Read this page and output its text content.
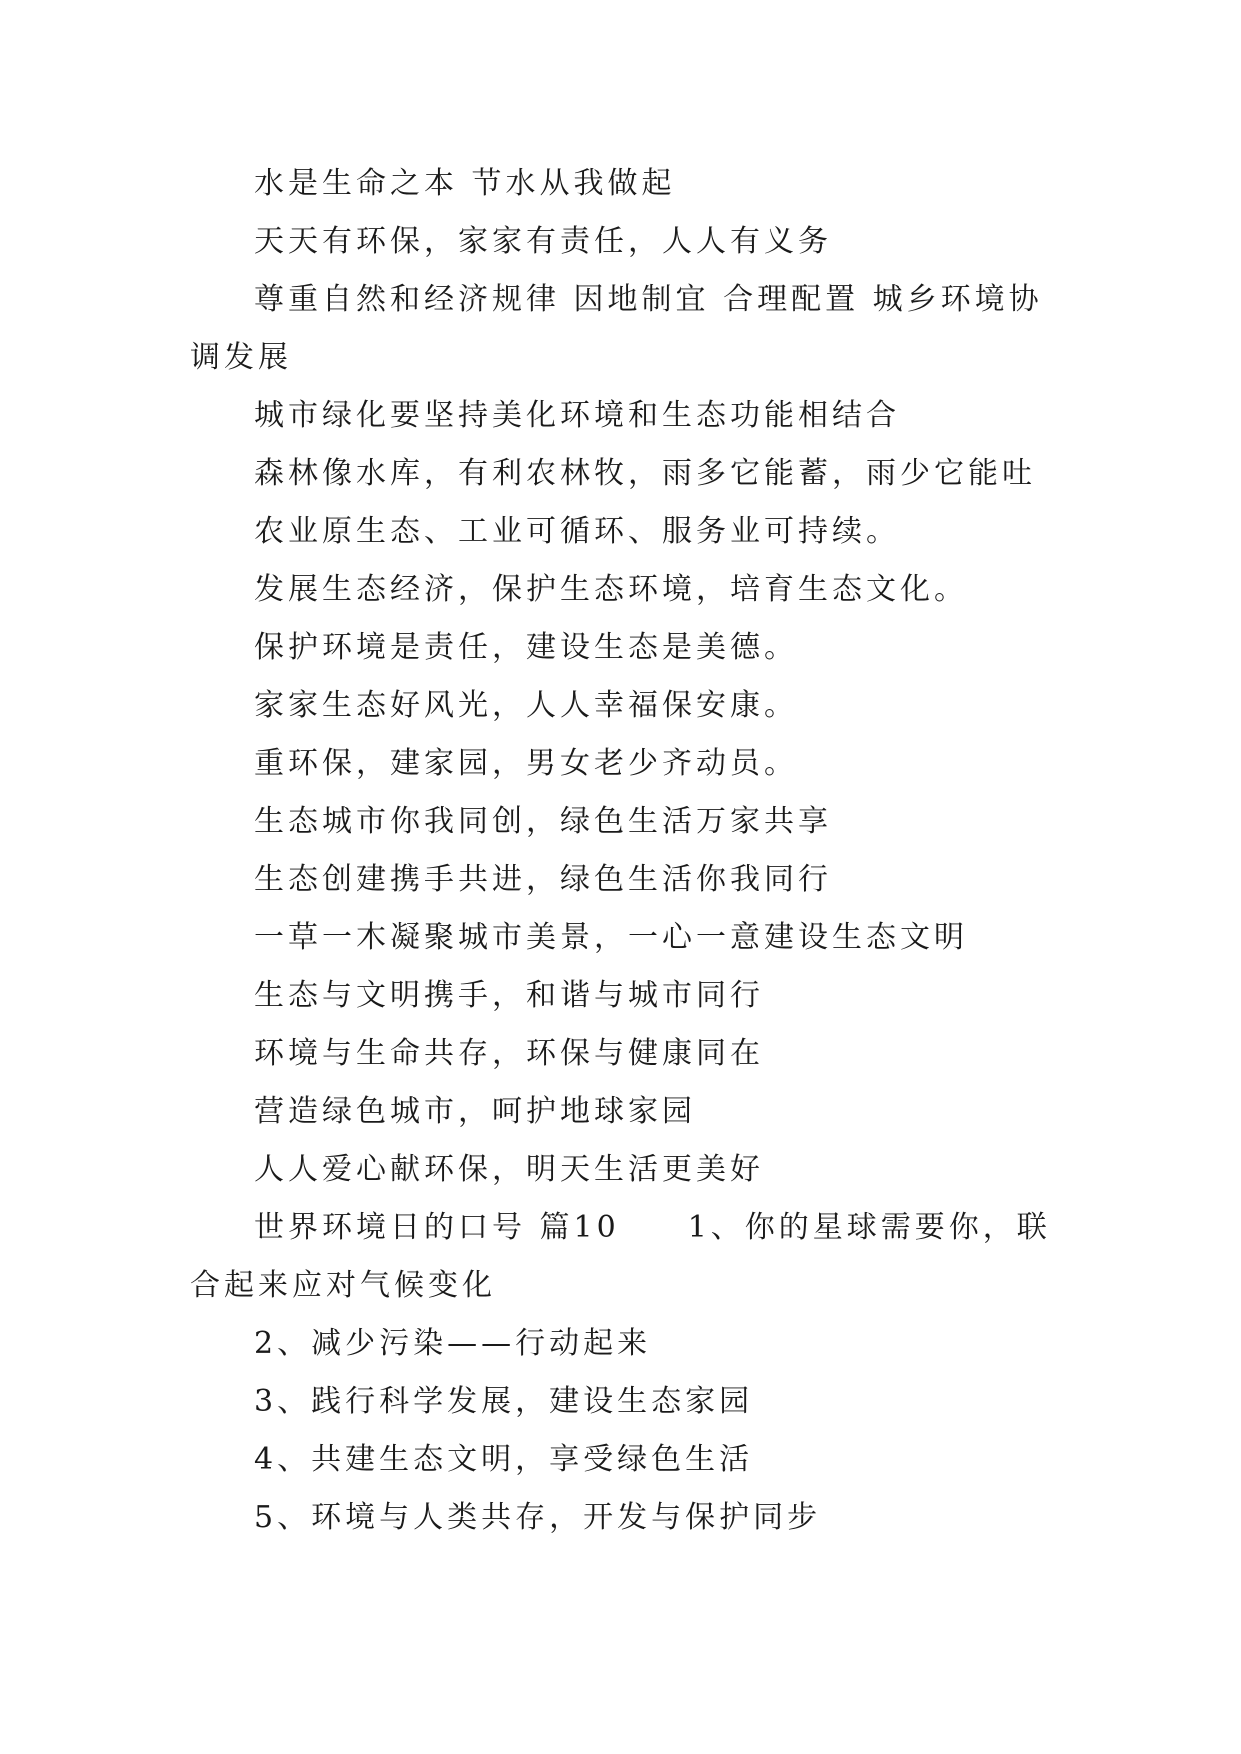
水是生命之本 节水从我做起

天天有环保，家家有责任，人人有义务

尊重自然和经济规律 因地制宜 合理配置 城乡环境协调发展

城市绿化要坚持美化环境和生态功能相结合

森林像水库，有利农林牧，雨多它能蓄，雨少它能吐

农业原生态、工业可循环、服务业可持续。

发展生态经济，保护生态环境，培育生态文化。

保护环境是责任，建设生态是美德。

家家生态好风光，人人幸福保安康。

重环保，建家园，男女老少齐动员。

生态城市你我同创，绿色生活万家共享

生态创建携手共进，绿色生活你我同行

一草一木凝聚城市美景，一心一意建设生态文明

生态与文明携手，和谐与城市同行

环境与生命共存，环保与健康同在

营造绿色城市，呵护地球家园

人人爱心献环保，明天生活更美好

世界环境日的口号 篇10　　1、你的星球需要你，联合起来应对气候变化

2、减少污染——行动起来

3、践行科学发展，建设生态家园

4、共建生态文明，享受绿色生活

5、环境与人类共存，开发与保护同步
